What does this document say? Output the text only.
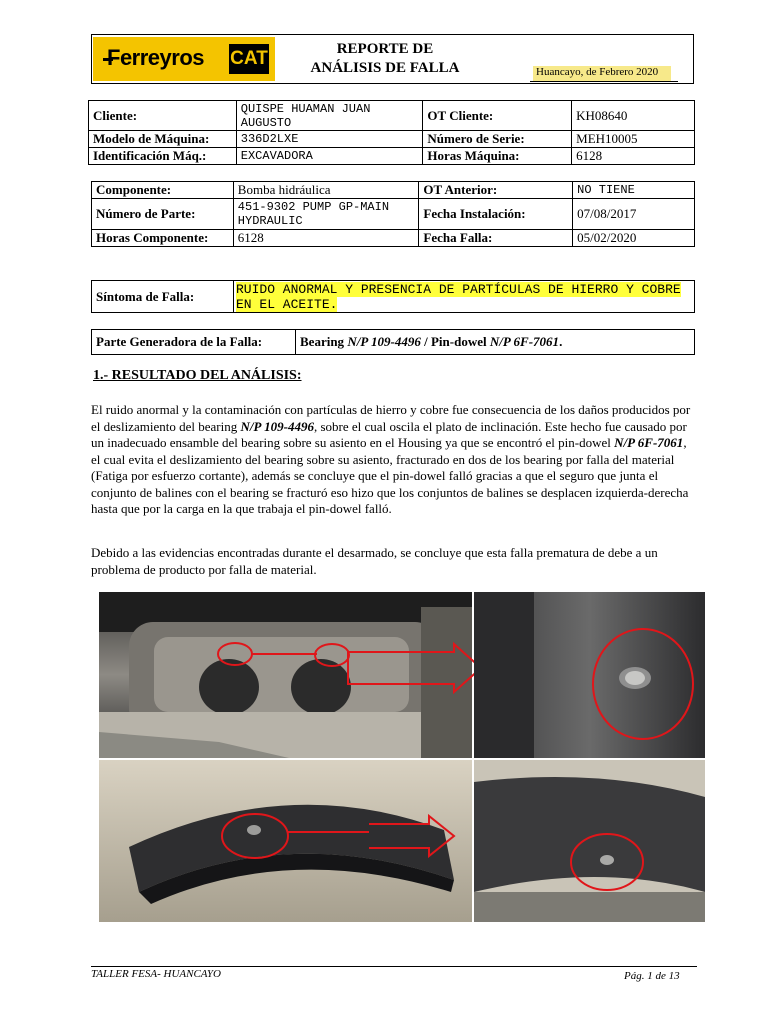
Ferreyros CAT	REPORTE DE
ANÁLISIS DE FALLA	Huancayo, de Febrero 2020
Cliente:	QUISPE HUAMAN JUAN AUGUSTO	OT Cliente:	KH08640
Modelo de Máquina:	336D2LXE	Número de Serie:	MEH10005
Identificación Máq.:	EXCAVADORA	Horas Máquina:	6128
Componente:	Bomba hidráulica	OT Anterior:	NO TIENE
Número de Parte:	451-9302 PUMP GP-MAIN HYDRAULIC	Fecha Instalación:	07/08/2017
Horas Componente:	6128	Fecha Falla:	05/02/2020
Síntoma de Falla:	RUIDO ANORMAL Y PRESENCIA DE PARTÍCULAS DE HIERRO Y COBRE EN EL ACEITE.
Parte Generadora de la Falla:	Bearing N/P 109-4496 / Pin-dowel N/P 6F-7061.
1.- RESULTADO DEL ANÁLISIS:
El ruido anormal y la contaminación con partículas de hierro y cobre fue consecuencia de los daños producidos por el deslizamiento del bearing N/P 109-4496, sobre el cual oscila el plato de inclinación. Este hecho fue causado por un inadecuado ensamble del bearing sobre su asiento en el Housing ya que se encontró el pin-dowel N/P 6F-7061, el cual evita el deslizamiento del bearing sobre su asiento, fracturado en dos de los bearing por falla del material (Fatiga por esfuerzo cortante), además se concluye que el pin-dowel falló gracias a que el seguro que junta el conjunto de balines con el bearing se fracturó eso hizo que los conjuntos de balines se desplacen izquierda-derecha hasta que por la carga en la que trabaja el pin-dowel falló.
Debido a las evidencias encontradas durante el desarmado, se concluye que esta falla prematura de debe a un problema de producto por falla de material.
TALLER FESA- HUANCAYO	Pág. 1 de 13
